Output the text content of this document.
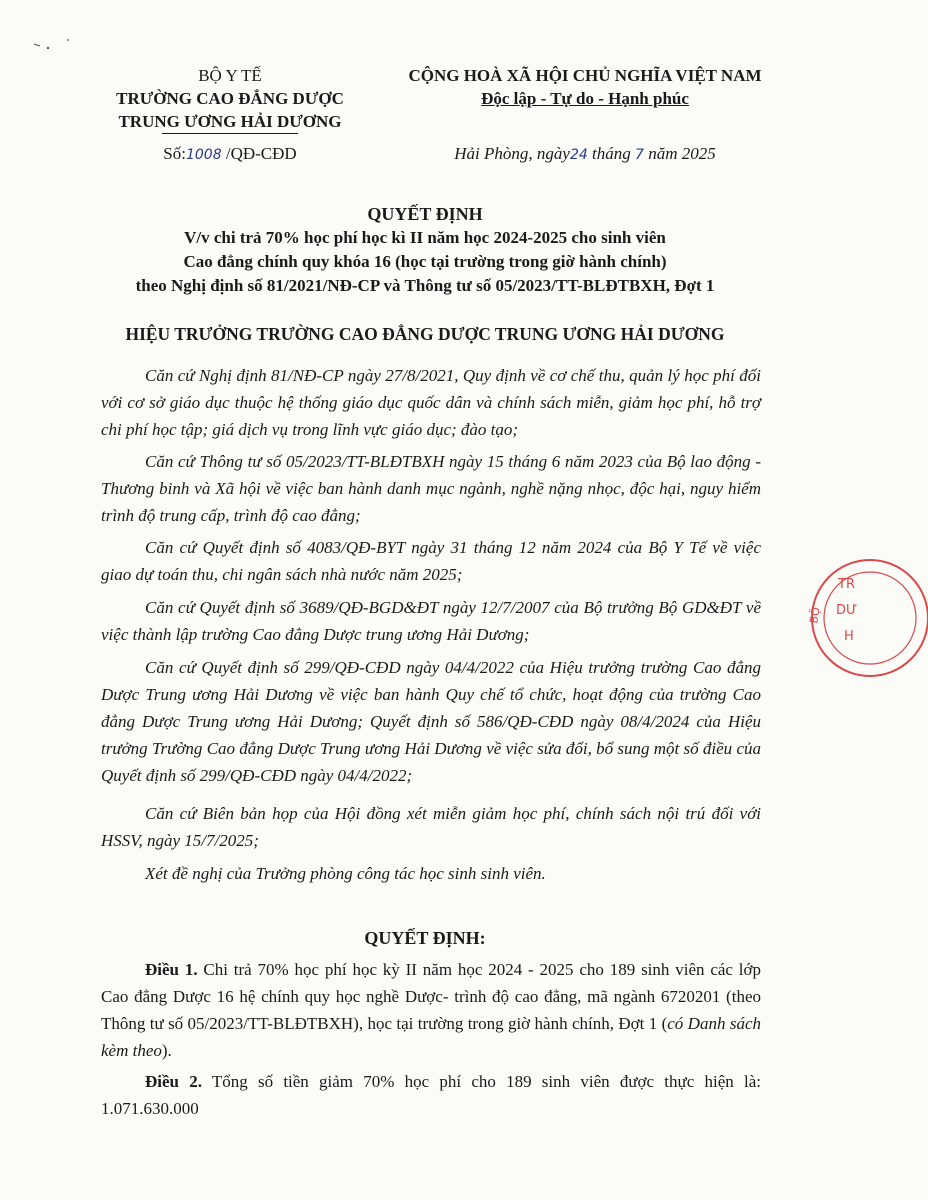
BỘ Y TẾ
TRƯỜNG CAO ĐẲNG DƯỢC
TRUNG ƯƠNG HẢI DƯƠNG
CỘNG HOÀ XÃ HỘI CHỦ NGHĨA VIỆT NAM
Độc lập - Tự do - Hạnh phúc
Số:1008 /QĐ-CĐD	Hải Phòng, ngày24 tháng 7 năm 2025
QUYẾT ĐỊNH
V/v chi trả 70% học phí học kì II năm học 2024-2025 cho sinh viên
Cao đẳng chính quy khóa 16 (học tại trường trong giờ hành chính)
theo Nghị định số 81/2021/NĐ-CP và Thông tư số 05/2023/TT-BLĐTBXH, Đợt 1
HIỆU TRƯỞNG TRƯỜNG CAO ĐẲNG DƯỢC TRUNG ƯƠNG HẢI DƯƠNG

Căn cứ Nghị định 81/NĐ-CP ngày 27/8/2021, Quy định về cơ chế thu, quản lý học phí đối với cơ sở giáo dục thuộc hệ thống giáo dục quốc dân và chính sách miễn, giảm học phí, hỗ trợ chi phí học tập; giá dịch vụ trong lĩnh vực giáo dục; đào tạo;

Căn cứ Thông tư số 05/2023/TT-BLĐTBXH ngày 15 tháng 6 năm 2023 của Bộ lao động -Thương binh và Xã hội về việc ban hành danh mục ngành, nghề nặng nhọc, độc hại, nguy hiểm trình độ trung cấp, trình độ cao đẳng;

Căn cứ Quyết định số 4083/QĐ-BYT ngày 31 tháng 12 năm 2024 của Bộ Y Tế về việc giao dự toán thu, chi ngân sách nhà nước năm 2025;

Căn cứ Quyết định số 3689/QĐ-BGD&ĐT ngày 12/7/2007 của Bộ trưởng Bộ GD&ĐT về việc thành lập trường Cao đẳng Dược trung ương Hải Dương;

Căn cứ Quyết định số 299/QĐ-CĐD ngày 04/4/2022 của Hiệu trưởng trường Cao đẳng Dược Trung ương Hải Dương về việc ban hành Quy chế tổ chức, hoạt động của trường Cao đẳng Dược Trung ương Hải Dương; Quyết định số 586/QĐ-CĐD ngày 08/4/2024 của Hiệu trưởng Trường Cao đẳng Dược Trung ương Hải Dương về việc sửa đổi, bổ sung một số điều của Quyết định số 299/QĐ-CĐD ngày 04/4/2022;

Căn cứ Biên bản họp của Hội đồng xét miễn giảm học phí, chính sách nội trú đối với HSSV, ngày 15/7/2025;

Xét đề nghị của Trưởng phòng công tác học sinh sinh viên.

QUYẾT ĐỊNH:

Điều 1. Chi trả 70% học phí học kỳ II năm học 2024 - 2025 cho 189 sinh viên các lớp Cao đẳng Dược 16 hệ chính quy học nghề Dược- trình độ cao đẳng, mã ngành 6720201 (theo Thông tư số 05/2023/TT-BLĐTBXH), học tại trường trong giờ hành chính, Đợt 1 (có Danh sách kèm theo).

Điều 2. Tổng số tiền giảm 70% học phí cho 189 sinh viên được thực hiện là: 1.071.630.000

TR
DƯ
BỘ
H
